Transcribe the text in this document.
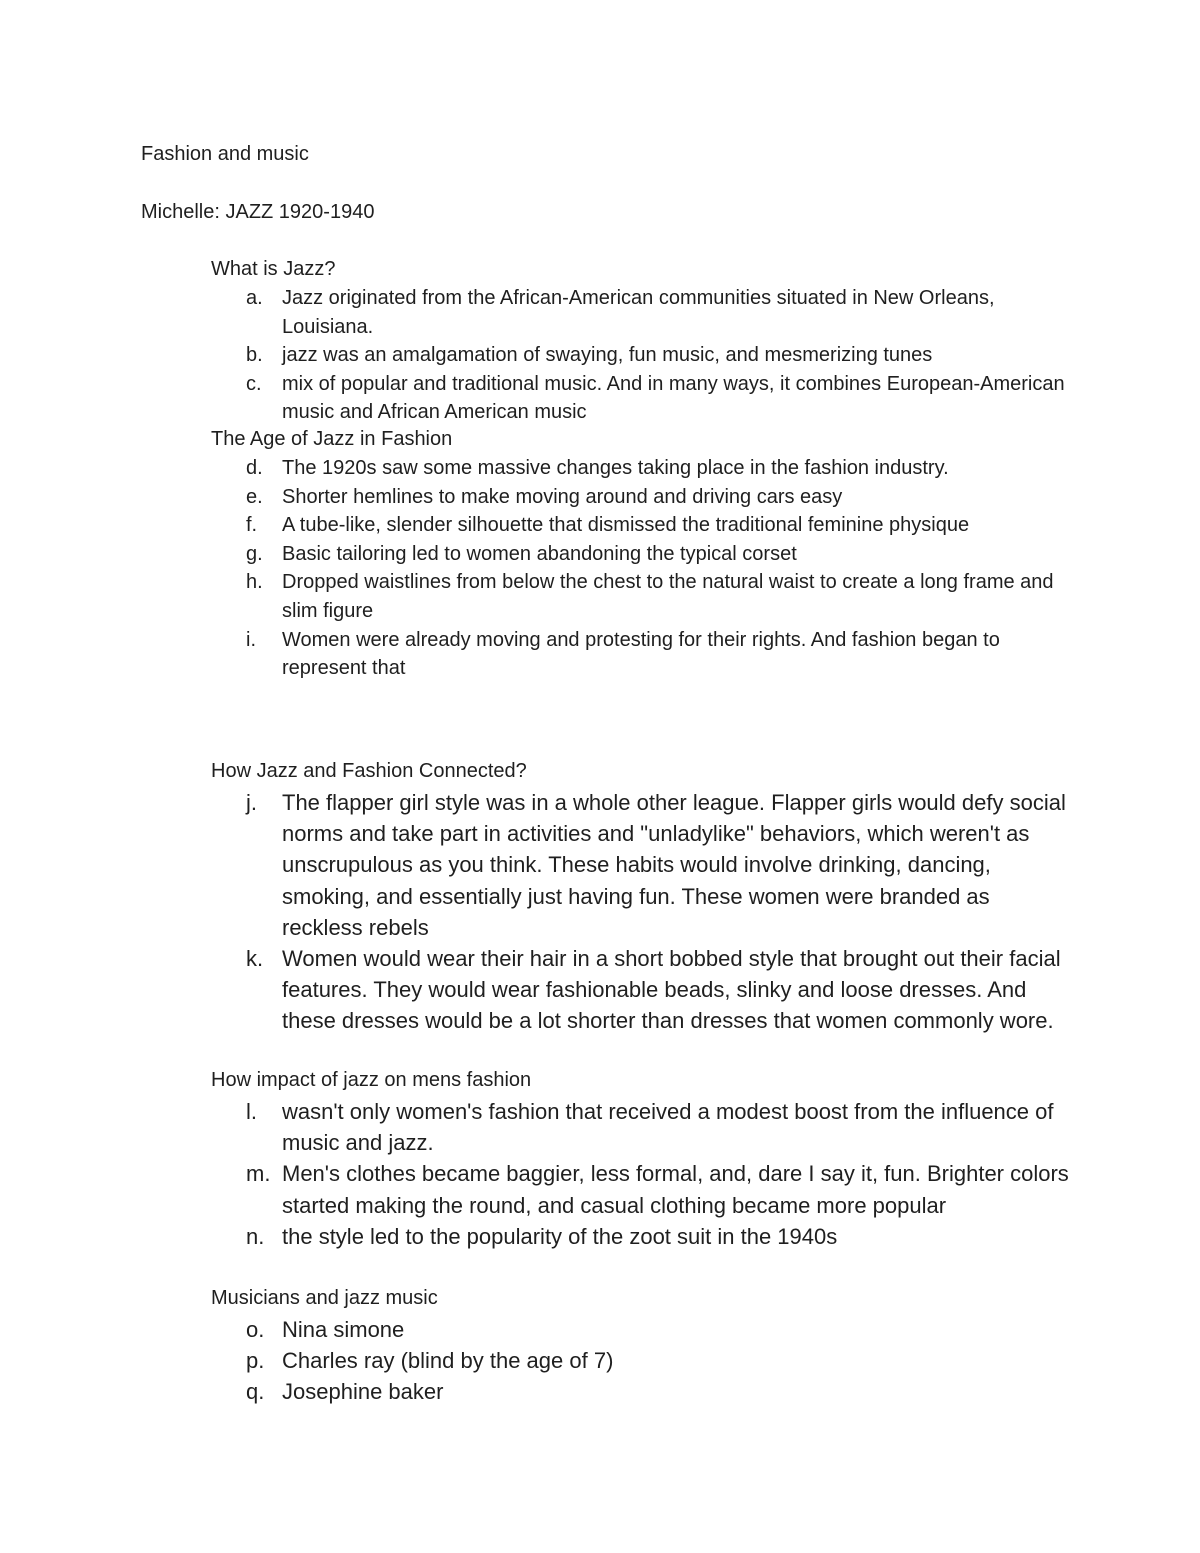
Fashion and music

Michelle: JAZZ 1920-1940

What is Jazz?
a. Jazz originated from the African-American communities situated in New Orleans, Louisiana.
b. jazz was an amalgamation of swaying, fun music, and mesmerizing tunes
c. mix of popular and traditional music. And in many ways, it combines European-American music and African American music
The Age of Jazz in Fashion
d. The 1920s saw some massive changes taking place in the fashion industry.
e. Shorter hemlines to make moving around and driving cars easy
f. A tube-like, slender silhouette that dismissed the traditional feminine physique
g. Basic tailoring led to women abandoning the typical corset
h. Dropped waistlines from below the chest to the natural waist to create a long frame and slim figure
i. Women were already moving and protesting for their rights. And fashion began to represent that
How Jazz and Fashion Connected?
j. The flapper girl style was in a whole other league. Flapper girls would defy social norms and take part in activities and "unladylike" behaviors, which weren't as unscrupulous as you think. These habits would involve drinking, dancing, smoking, and essentially just having fun. These women were branded as reckless rebels
k. Women would wear their hair in a short bobbed style that brought out their facial features. They would wear fashionable beads, slinky and loose dresses. And these dresses would be a lot shorter than dresses that women commonly wore.
How impact of jazz on mens fashion
l. wasn't only women's fashion that received a modest boost from the influence of music and jazz.
m. Men's clothes became baggier, less formal, and, dare I say it, fun. Brighter colors started making the round, and casual clothing became more popular
n. the style led to the popularity of the zoot suit in the 1940s
Musicians and jazz music
o. Nina simone
p. Charles ray (blind by the age of 7)
q. Josephine baker
